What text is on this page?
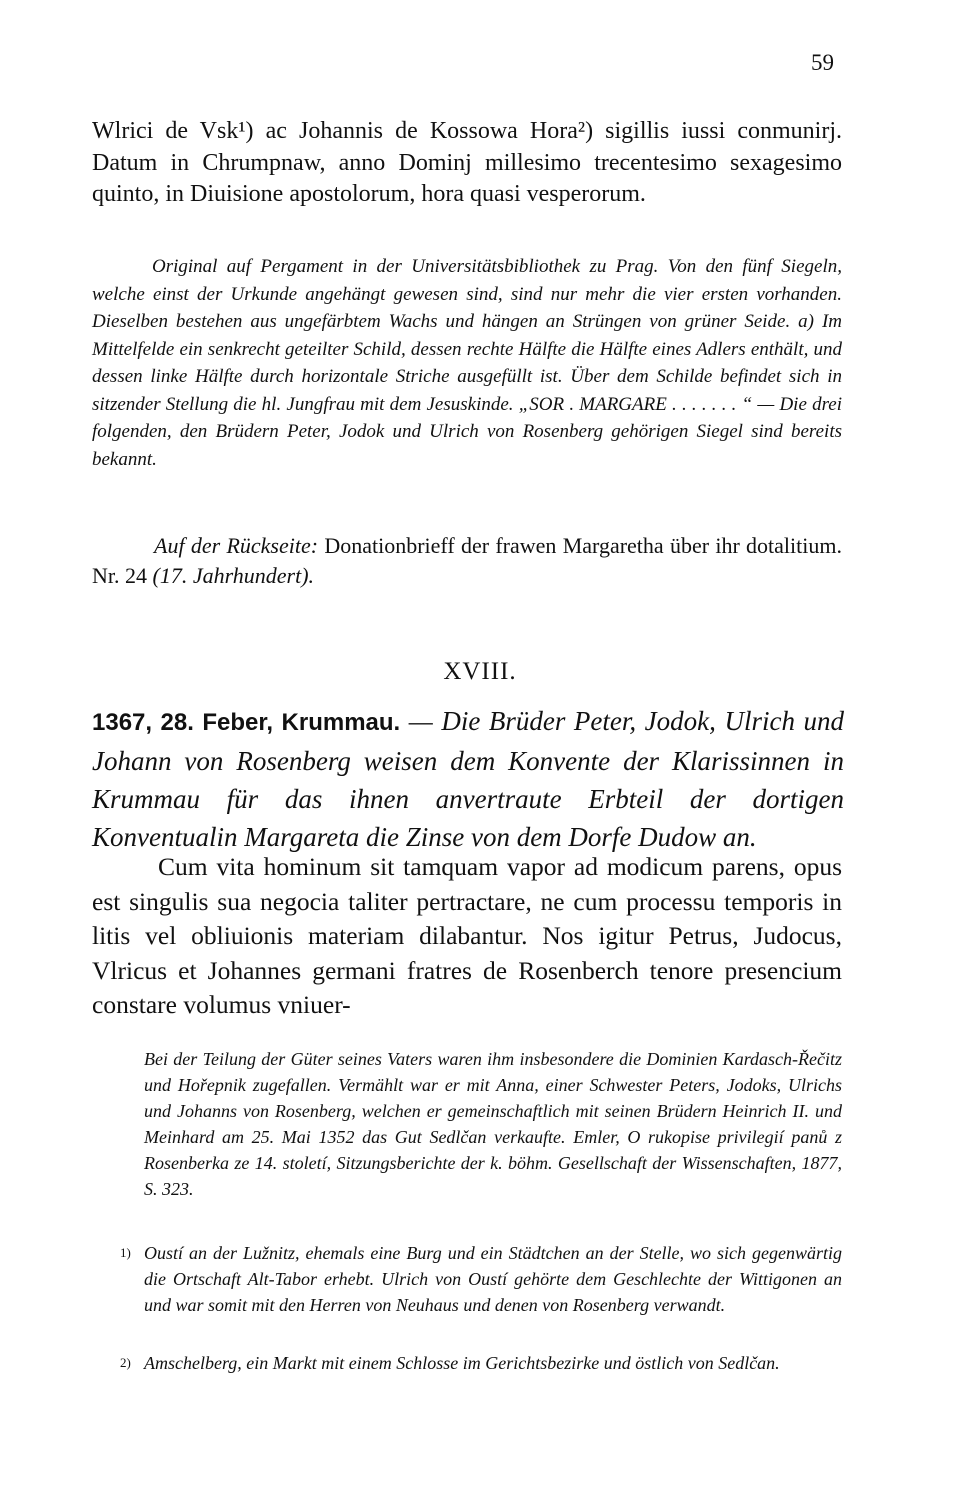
59
Wlrici de Vsk¹) ac Johannis de Kossowa Hora²) sigillis iussi conmunirj. Datum in Chrumpnaw, anno Dominj millesimo trecentesimo sexagesimo quinto, in Diuisione apostolorum, hora quasi vesperorum.
Original auf Pergament in der Universitätsbibliothek zu Prag. Von den fünf Siegeln, welche einst der Urkunde angehängt gewesen sind, sind nur mehr die vier ersten vorhanden. Dieselben bestehen aus ungefärbtem Wachs und hängen an Strüngen von grüner Seide. a) Im Mittelfelde ein senkrecht geteilter Schild, dessen rechte Hälfte die Hälfte eines Adlers enthält, und dessen linke Hälfte durch horizontale Striche ausgefüllt ist. Über dem Schilde befindet sich in sitzender Stellung die hl. Jungfrau mit dem Jesuskinde. „SOR . MARGARE . . . . . . . “ — Die drei folgenden, den Brüdern Peter, Jodok und Ulrich von Rosenberg gehörigen Siegel sind bereits bekannt.
Auf der Rückseite: Donationbrieff der frawen Margaretha über ihr dotalitium. Nr. 24 (17. Jahrhundert).
XVIII.
1367, 28. Feber, Krummau. — Die Brüder Peter, Jodok, Ulrich und Johann von Rosenberg weisen dem Konvente der Klarissinnen in Krummau für das ihnen anvertraute Erbteil der dortigen Konventualin Margareta die Zinse von dem Dorfe Dudow an.
Cum vita hominum sit tamquam vapor ad modicum parens, opus est singulis sua negocia taliter pertractare, ne cum processu temporis in litis vel obliuionis materiam dilabantur. Nos igitur Petrus, Judocus, Vlricus et Johannes germani fratres de Rosenberch tenore presencium constare volumus vniuer-
Bei der Teilung der Güter seines Vaters waren ihm insbesondere die Dominien Kardasch-Řečitz und Hořepnik zugefallen. Vermählt war er mit Anna, einer Schwester Peters, Jodoks, Ulrichs und Johanns von Rosenberg, welchen er gemeinschaftlich mit seinen Brüdern Heinrich II. und Meinhard am 25. Mai 1352 das Gut Sedlčan verkaufte. Emler, O rukopise privilegií panů z Rosenberka ze 14. století, Sitzungsberichte der k. böhm. Gesellschaft der Wissenschaften, 1877, S. 323.
1) Oustí an der Lužnitz, ehemals eine Burg und ein Städtchen an der Stelle, wo sich gegenwärtig die Ortschaft Alt-Tabor erhebt. Ulrich von Oustí gehörte dem Geschlechte der Wittigonen an und war somit mit den Herren von Neuhaus und denen von Rosenberg verwandt.
2) Amschelberg, ein Markt mit einem Schlosse im Gerichtsbezirke und östlich von Sedlčan.
